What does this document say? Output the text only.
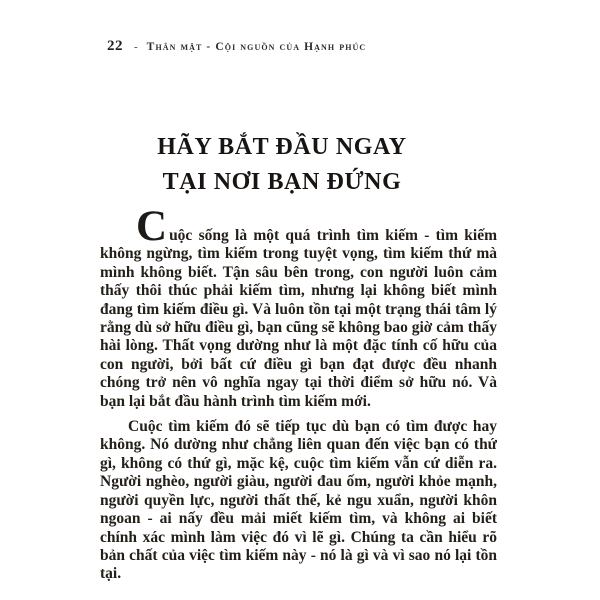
22 - Thân mật - Cội nguồn của Hạnh phúc
HÃY BẮT ĐẦU NGAY
TẠI NƠI BẠN ĐỨNG

Cuộc sống là một quá trình tìm kiếm - tìm kiếm không ngừng, tìm kiếm trong tuyệt vọng, tìm kiếm thứ mà mình không biết. Tận sâu bên trong, con người luôn cảm thấy thôi thúc phải kiếm tìm, nhưng lại không biết mình đang tìm kiếm điều gì. Và luôn tồn tại một trạng thái tâm lý rằng dù sở hữu điều gì, bạn cũng sẽ không bao giờ cảm thấy hài lòng. Thất vọng dường như là một đặc tính cố hữu của con người, bởi bất cứ điều gì bạn đạt được đều nhanh chóng trở nên vô nghĩa ngay tại thời điểm sở hữu nó. Và bạn lại bắt đầu hành trình tìm kiếm mới.

Cuộc tìm kiếm đó sẽ tiếp tục dù bạn có tìm được hay không. Nó dường như chẳng liên quan đến việc bạn có thứ gì, không có thứ gì, mặc kệ, cuộc tìm kiếm vẫn cứ diễn ra. Người nghèo, người giàu, người đau ốm, người khỏe mạnh, người quyền lực, người thất thế, kẻ ngu xuẩn, người khôn ngoan - ai nấy đều mải miết kiếm tìm, và không ai biết chính xác mình làm việc đó vì lẽ gì. Chúng ta cần hiểu rõ bản chất của việc tìm kiếm này - nó là gì và vì sao nó lại tồn tại.
